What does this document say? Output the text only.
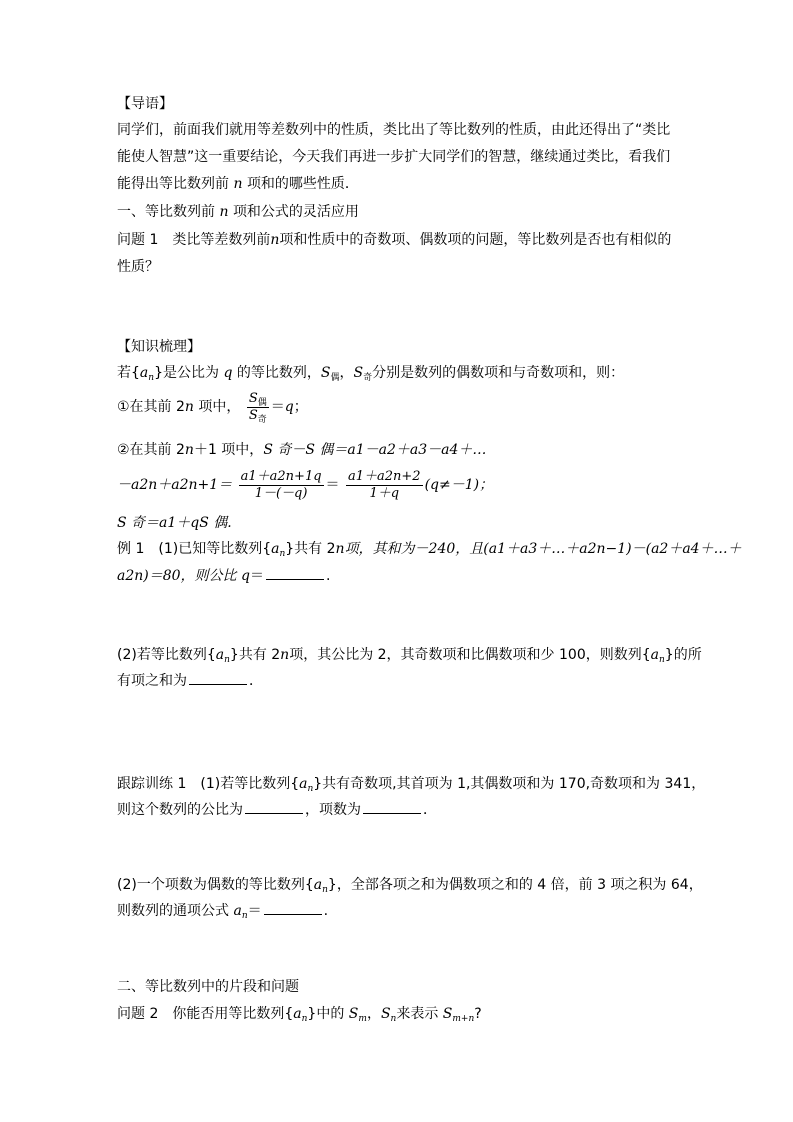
【导语】
同学们，前面我们就用等差数列中的性质，类比出了等比数列的性质，由此还得出了“类比
能使人智慧”这一重要结论，今天我们再进一步扩大同学们的智慧，继续通过类比，看我们
能得出等比数列前 n 项和的哪些性质．
一、等比数列前 n 项和公式的灵活应用
问题 1　类比等差数列前n项和性质中的奇数项、偶数项的问题，等比数列是否也有相似的
性质？
【知识梳理】
若$\{a_n\}$是公比为 q 的等比数列，$S_偶$，$S_奇$分别是数列的偶数项和与奇数项和，则：
①在其前 2n 项中， $\frac{S_偶}{S_奇} =q$；
②在其前 2n＋1 项中，S 奇－S 偶＝a1－a2＋a3－a4＋…
$-a2n+a2n+1= \frac{a1+a2n+1q}{1-(-q)} = \frac{a1+a2n+2}{1+q} (q\ne-1)$；
S 奇＝a1＋qS 偶.
例 1　(1)已知等比数列$\{a_n\}$共有 2n项，其和为－240，且(a1＋a3＋…＋a2n−1)－(a2＋a4＋…＋
a2n)＝80，则公比 q＝	.
(2)若等比数列$\{a_n\}$共有 2n项，其公比为 2，其奇数项和比偶数项和少 100，则数列$\{a_n\}$的所
有项之和为	．
跟踪训练 1　(1)若等比数列$\{a_n\}$共有奇数项,其首项为 1,其偶数项和为 170,奇数项和为 341，
则这个数列的公比为	，项数为	．
(2)一个项数为偶数的等比数列$\{a_n\}$，全部各项之和为偶数项之和的 4 倍，前 3 项之积为 64，
则数列的通项公式 $a_n=$	.
二、等比数列中的片段和问题
问题 2　你能否用等比数列$\{a_n\}$中的 $S_m$，$S_n$来表示 $S_{m+n}$?
